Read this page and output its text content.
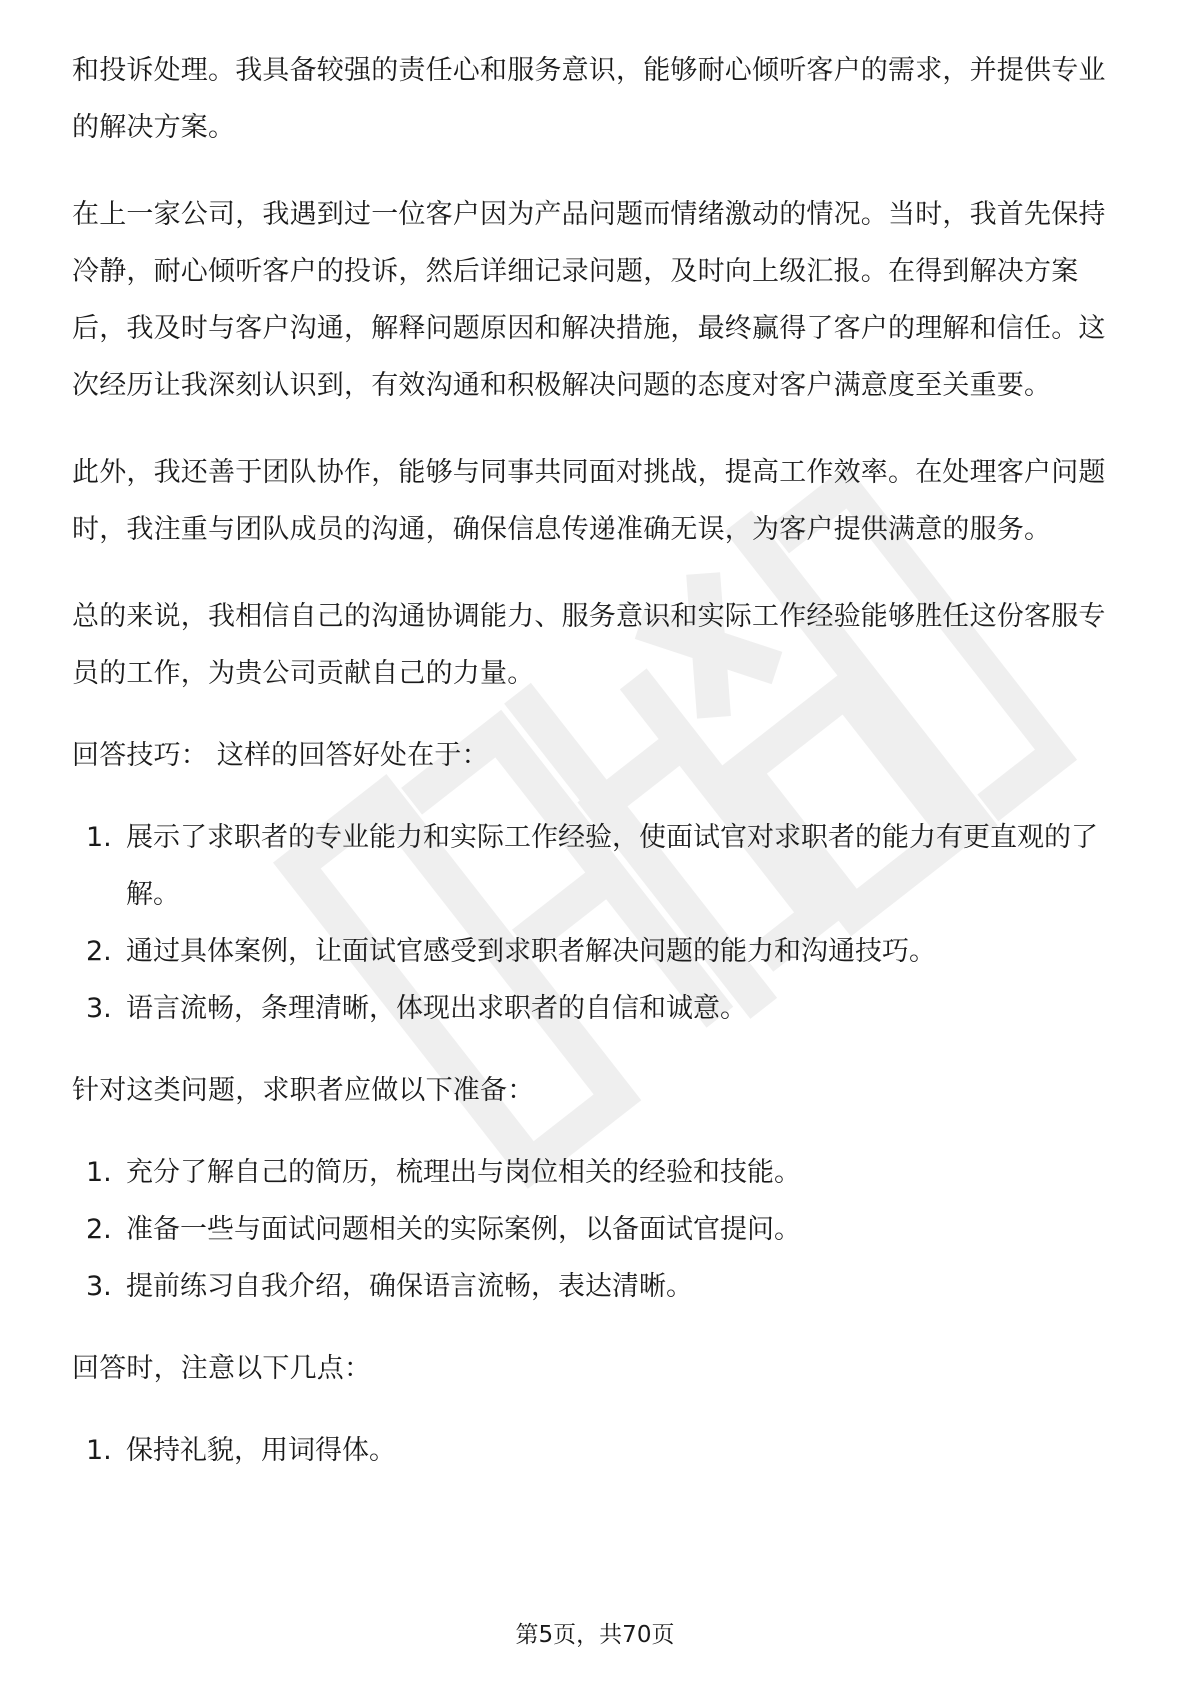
和投诉处理。我具备较强的责任心和服务意识，能够耐心倾听客户的需求，并提供专业的解决方案。

在上一家公司，我遇到过一位客户因为产品问题而情绪激动的情况。当时，我首先保持冷静，耐心倾听客户的投诉，然后详细记录问题，及时向上级汇报。在得到解决方案后，我及时与客户沟通，解释问题原因和解决措施，最终赢得了客户的理解和信任。这次经历让我深刻认识到，有效沟通和积极解决问题的态度对客户满意度至关重要。

此外，我还善于团队协作，能够与同事共同面对挑战，提高工作效率。在处理客户问题时，我注重与团队成员的沟通，确保信息传递准确无误，为客户提供满意的服务。

总的来说，我相信自己的沟通协调能力、服务意识和实际工作经验能够胜任这份客服专员的工作，为贵公司贡献自己的力量。

回答技巧： 这样的回答好处在于：

1. 展示了求职者的专业能力和实际工作经验，使面试官对求职者的能力有更直观的了解。
2. 通过具体案例，让面试官感受到求职者解决问题的能力和沟通技巧。
3. 语言流畅，条理清晰，体现出求职者的自信和诚意。

针对这类问题，求职者应做以下准备：

1. 充分了解自己的简历，梳理出与岗位相关的经验和技能。
2. 准备一些与面试问题相关的实际案例，以备面试官提问。
3. 提前练习自我介绍，确保语言流畅，表达清晰。

回答时，注意以下几点：

1. 保持礼貌，用词得体。
第5页，共70页
